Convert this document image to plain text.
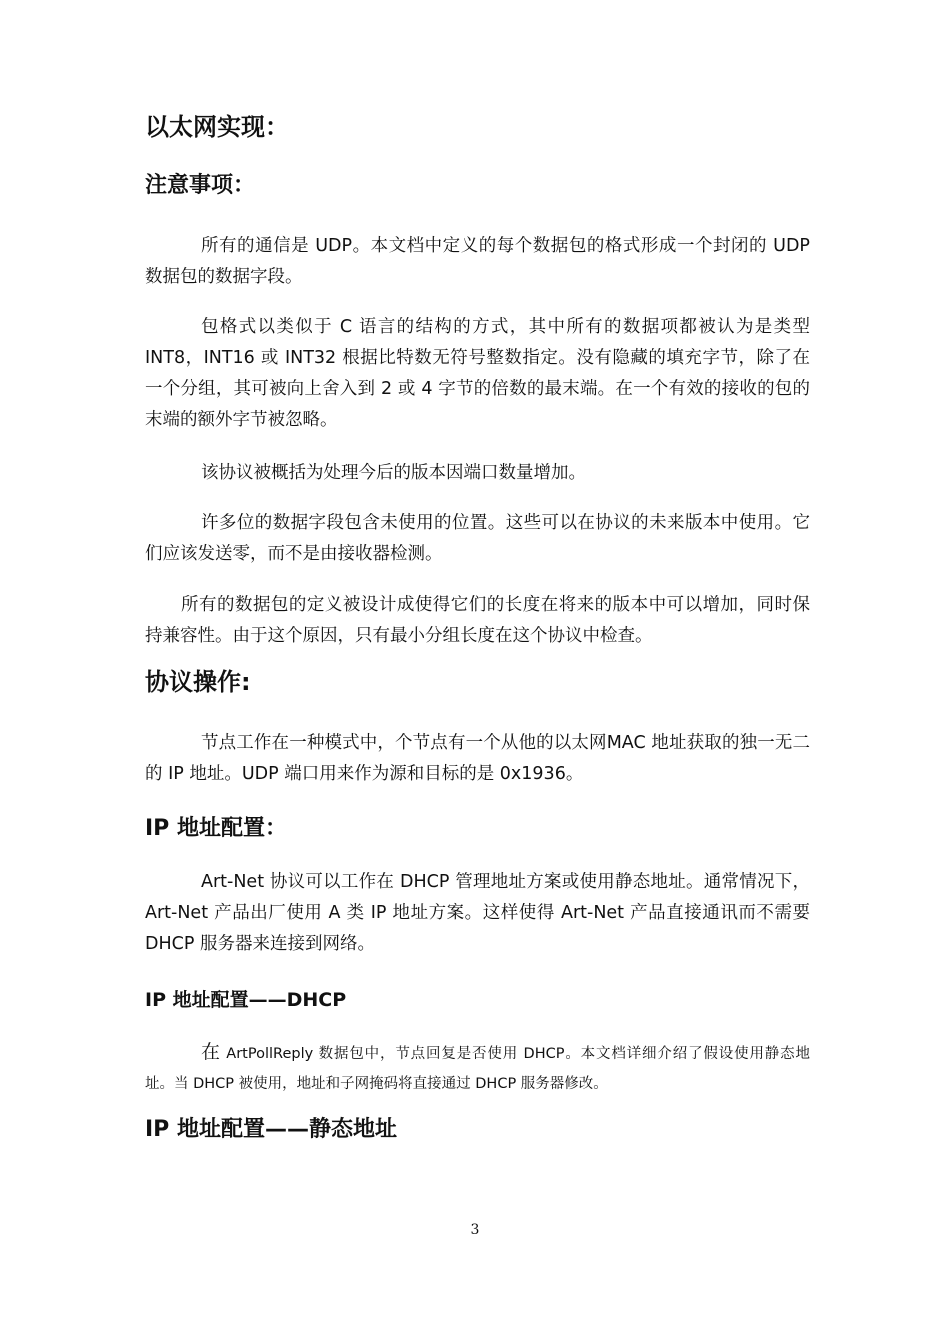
以太网实现：
注意事项：
所有的通信是 UDP。本文档中定义的每个数据包的格式形成一个封闭的 UDP 数据包的数据字段。
包格式以类似于 C 语言的结构的方式，其中所有的数据项都被认为是类型 INT8，INT16 或 INT32 根据比特数无符号整数指定。没有隐藏的填充字节，除了在一个分组，其可被向上舍入到 2 或 4 字节的倍数的最末端。在一个有效的接收的包的末端的额外字节被忽略。
该协议被概括为处理今后的版本因端口数量增加。
许多位的数据字段包含未使用的位置。这些可以在协议的未来版本中使用。它们应该发送零，而不是由接收器检测。
所有的数据包的定义被设计成使得它们的长度在将来的版本中可以增加，同时保持兼容性。由于这个原因，只有最小分组长度在这个协议中检查。
协议操作:
节点工作在一种模式中，个节点有一个从他的以太网MAC 地址获取的独一无二的 IP 地址。UDP 端口用来作为源和目标的是 0x1936。
IP 地址配置：
Art-Net 协议可以工作在 DHCP 管理地址方案或使用静态地址。通常情况下，Art-Net 产品出厂使用 A 类 IP 地址方案。这样使得 Art-Net 产品直接通讯而不需要 DHCP 服务器来连接到网络。
IP 地址配置——DHCP
在 ArtPollReply 数据包中，节点回复是否使用 DHCP。本文档详细介绍了假设使用静态地址。当 DHCP 被使用，地址和子网掩码将直接通过 DHCP 服务器修改。
IP 地址配置——静态地址
3
